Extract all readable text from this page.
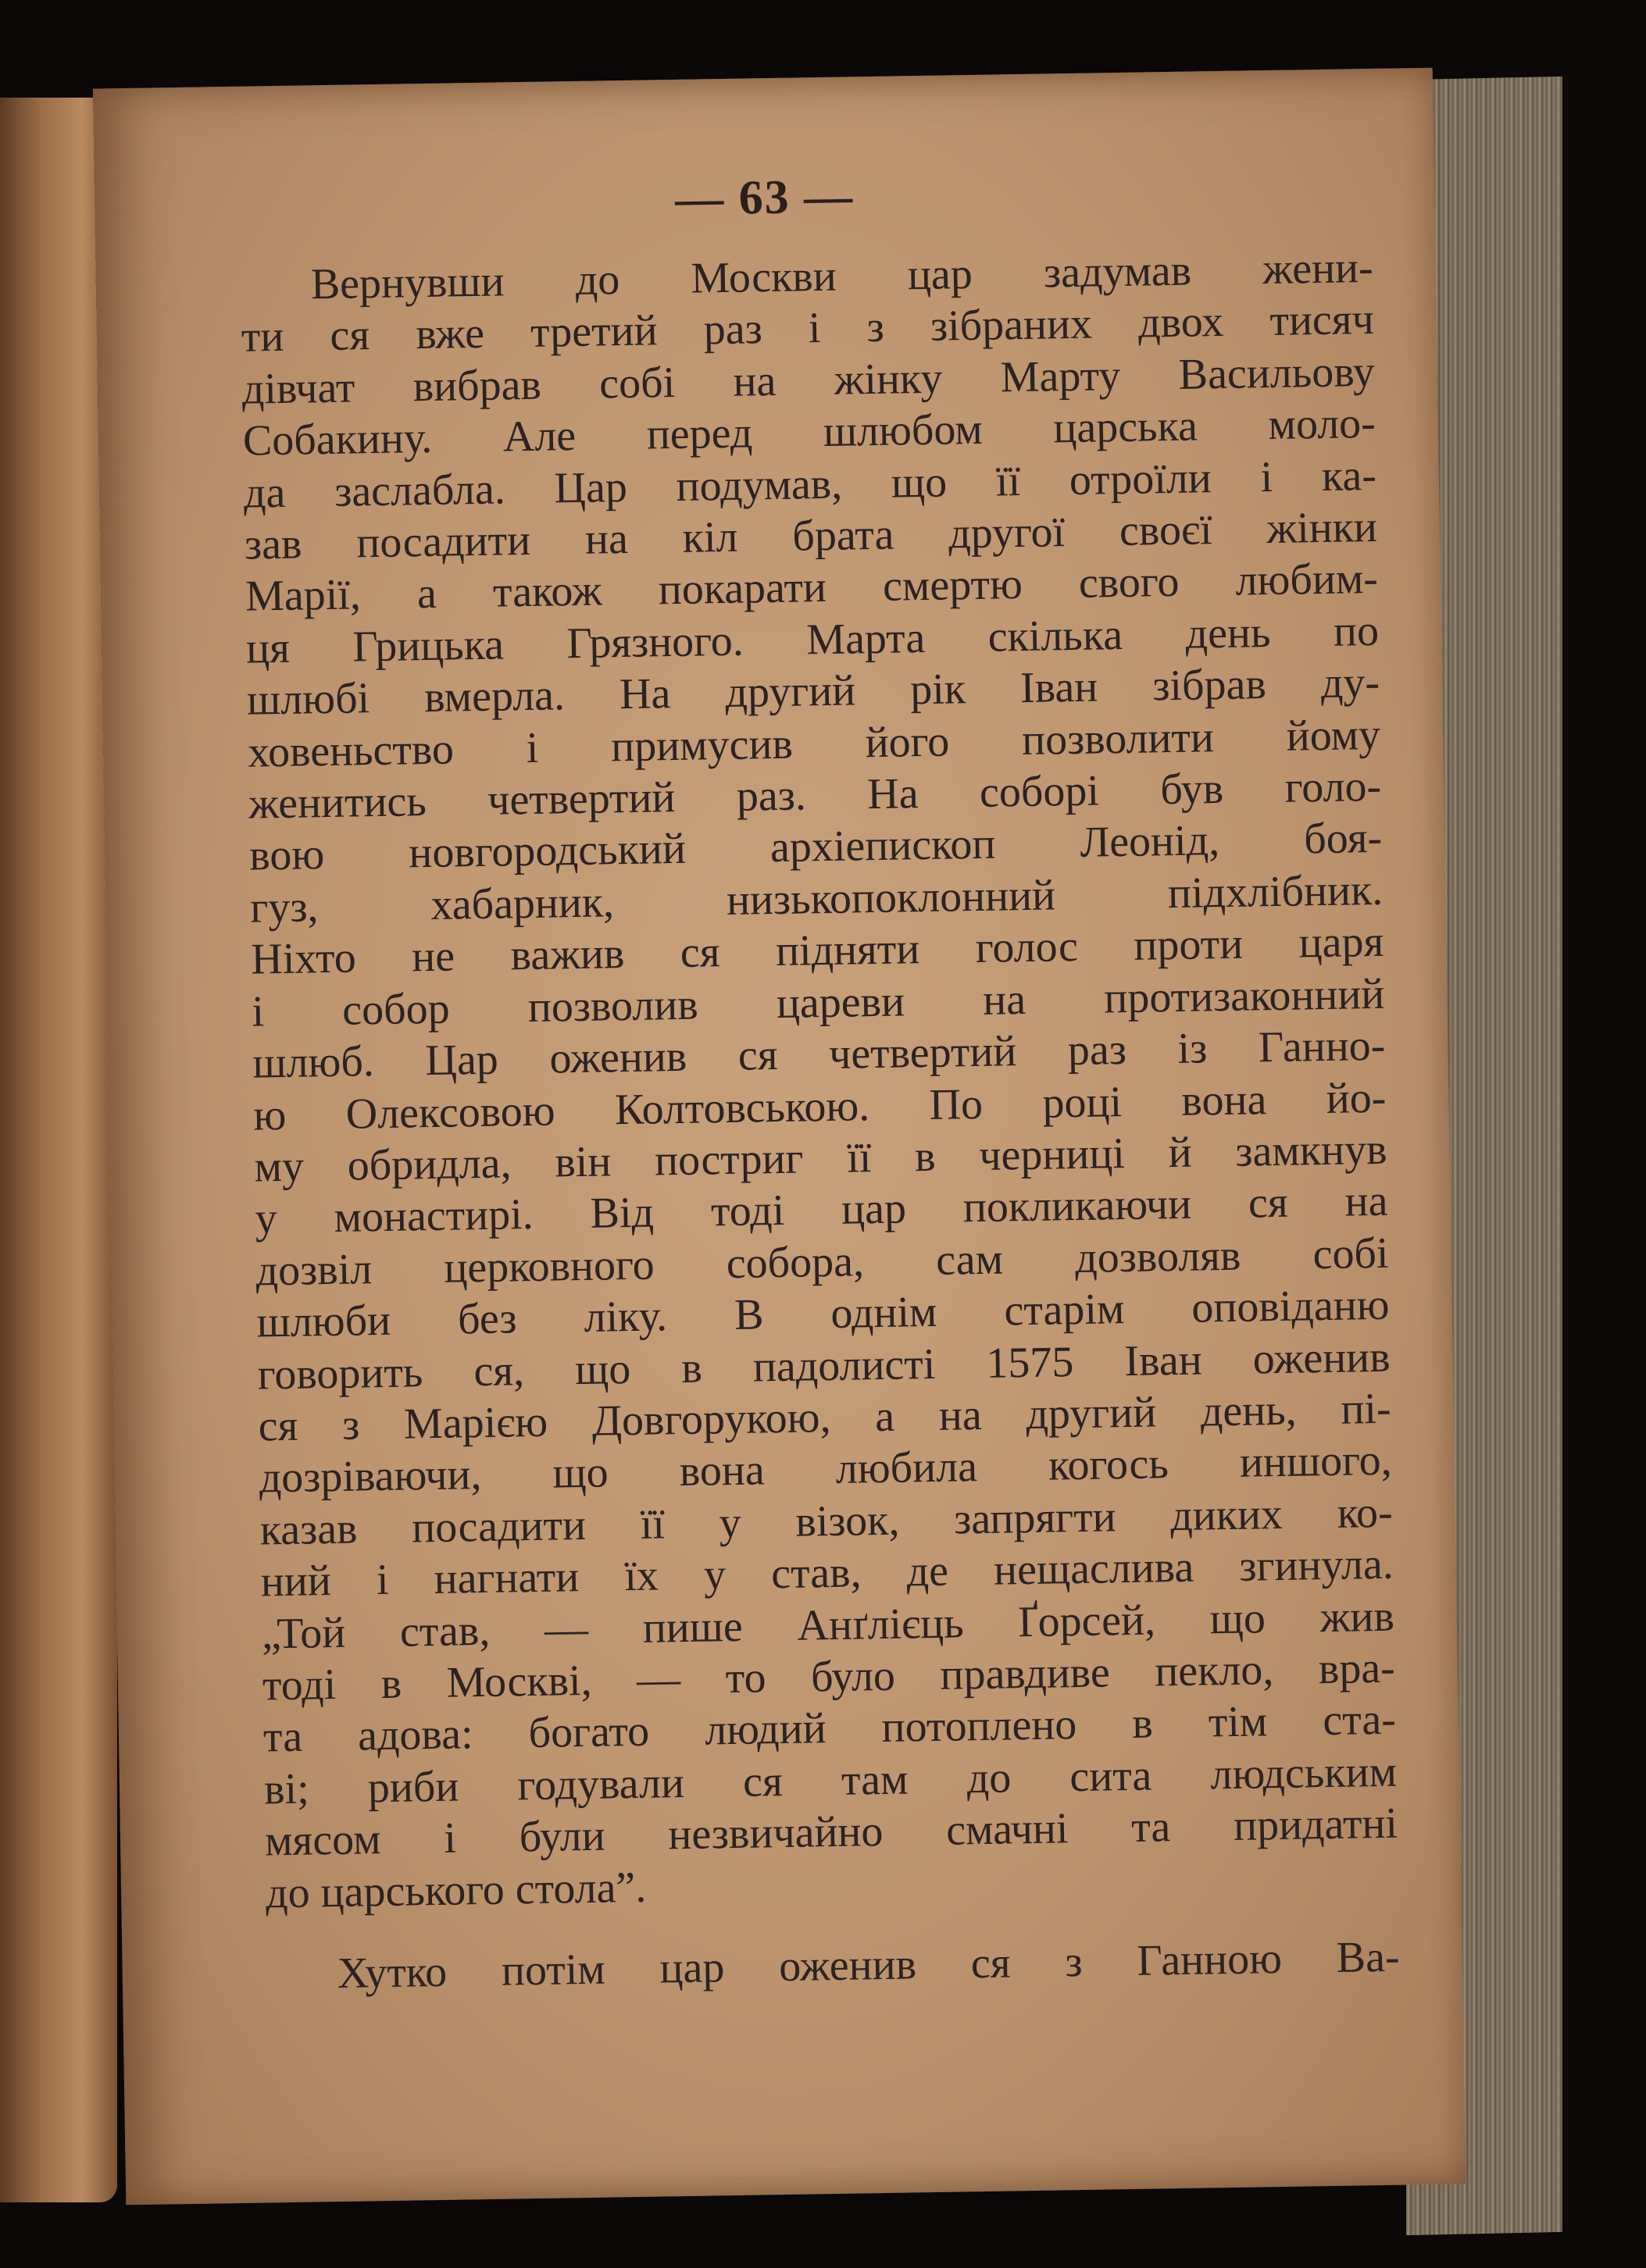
— 63 —
Вернувши до Москви цар задумав жени-
ти ся вже третий раз і з зібраних двох тисяч
дівчат вибрав собі на жінку Марту Васильову
Собакину. Але перед шлюбом царська моло-
да заслабла. Цар подумав, що її отроїли і ка-
зав посадити на кіл брата другої своєї жінки
Марії, а також покарати смертю свого любим-
ця Грицька Грязного. Марта скілька день по
шлюбі вмерла. На другий рік Іван зібрав ду-
ховеньство і примусив його позволити йому
женитись четвертий раз. На соборі був голо-
вою новгородський архіепископ Леонід, боя-
гуз, хабарник, низькопоклонний підхлібник.
Ніхто не важив ся підняти голос проти царя
і собор позволив цареви на протизаконний
шлюб. Цар оженив ся четвертий раз із Ганно-
ю Олексовою Колтовською. По році вона йо-
му обридла, він постриг її в черниці й замкнув
у монастирі. Від тоді цар покликаючи ся на
дозвіл церковного собора, сам дозволяв собі
шлюби без ліку. В однім старім оповіданю
говорить ся, що в падолисті 1575 Іван оженив
ся з Марією Довгорукою, а на другий день, пі-
дозріваючи, що вона любила когось иншого,
казав посадити її у візок, запрягти диких ко-
ний і нагнати їх у став, де нещаслива згинула.
„Той став, — пише Анґлієць Ґорсей, що жив
тоді в Москві, — то було правдиве пекло, вра-
та адова: богато людий потоплено в тім ста-
ві; риби годували ся там до сита людським
мясом і були незвичайно смачні та придатні
до царського стола”.
Хутко потім цар оженив ся з Ганною Ва-
